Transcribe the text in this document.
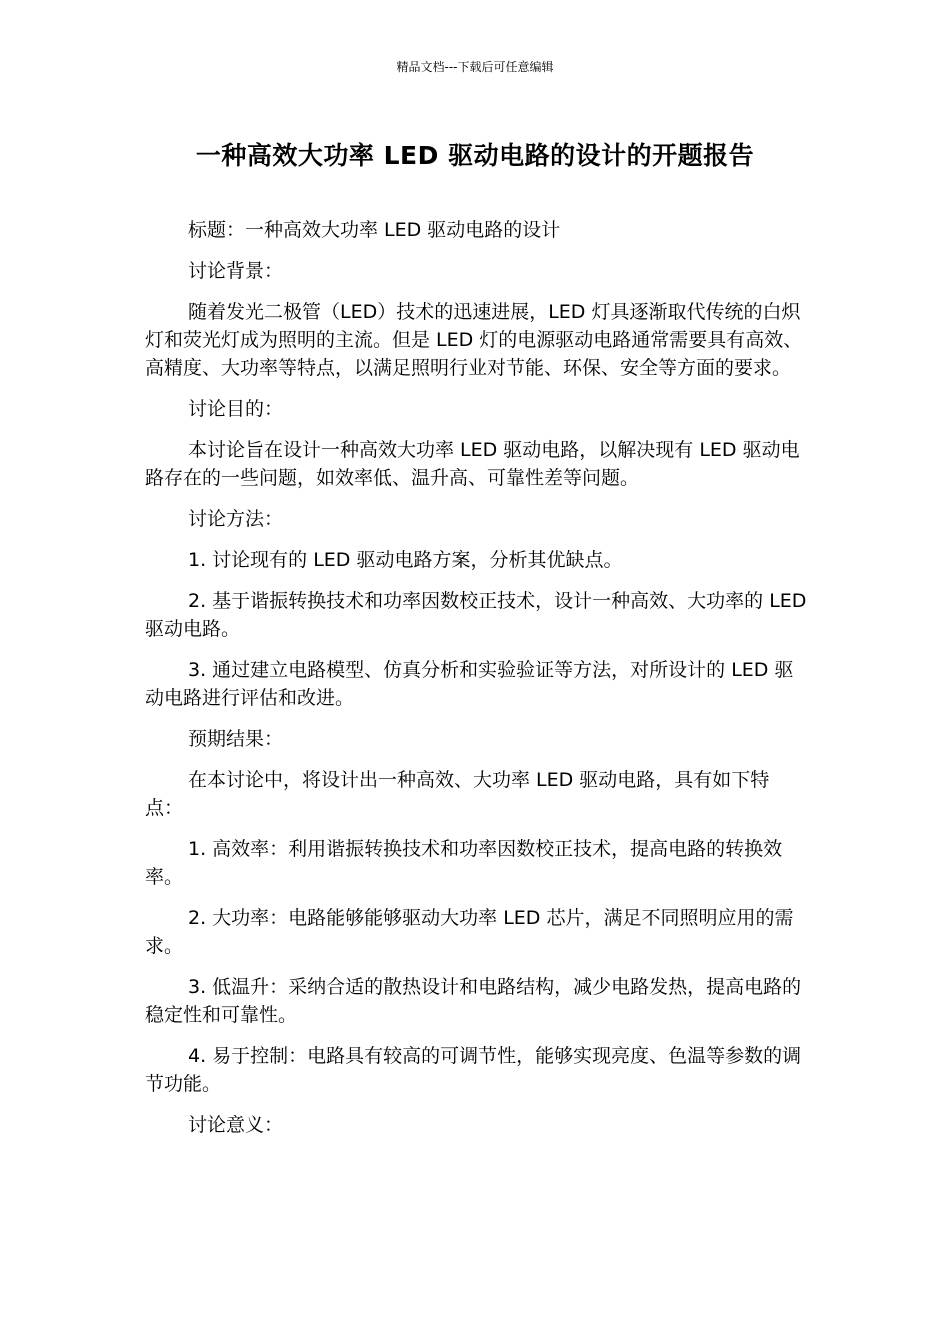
精品文档---下载后可任意编辑
一种高效大功率 LED 驱动电路的设计的开题报告

标题：一种高效大功率 LED 驱动电路的设计

讨论背景：

随着发光二极管（LED）技术的迅速进展，LED 灯具逐渐取代传统的白炽灯和荧光灯成为照明的主流。但是 LED 灯的电源驱动电路通常需要具有高效、高精度、大功率等特点，以满足照明行业对节能、环保、安全等方面的要求。

讨论目的：

本讨论旨在设计一种高效大功率 LED 驱动电路，以解决现有 LED 驱动电路存在的一些问题，如效率低、温升高、可靠性差等问题。

讨论方法：

1. 讨论现有的 LED 驱动电路方案，分析其优缺点。

2. 基于谐振转换技术和功率因数校正技术，设计一种高效、大功率的 LED 驱动电路。

3. 通过建立电路模型、仿真分析和实验验证等方法，对所设计的 LED 驱动电路进行评估和改进。

预期结果：

在本讨论中，将设计出一种高效、大功率 LED 驱动电路，具有如下特点：

1. 高效率：利用谐振转换技术和功率因数校正技术，提高电路的转换效率。

2. 大功率：电路能够能够驱动大功率 LED 芯片，满足不同照明应用的需求。

3. 低温升：采纳合适的散热设计和电路结构，减少电路发热，提高电路的稳定性和可靠性。

4. 易于控制：电路具有较高的可调节性，能够实现亮度、色温等参数的调节功能。

讨论意义：
